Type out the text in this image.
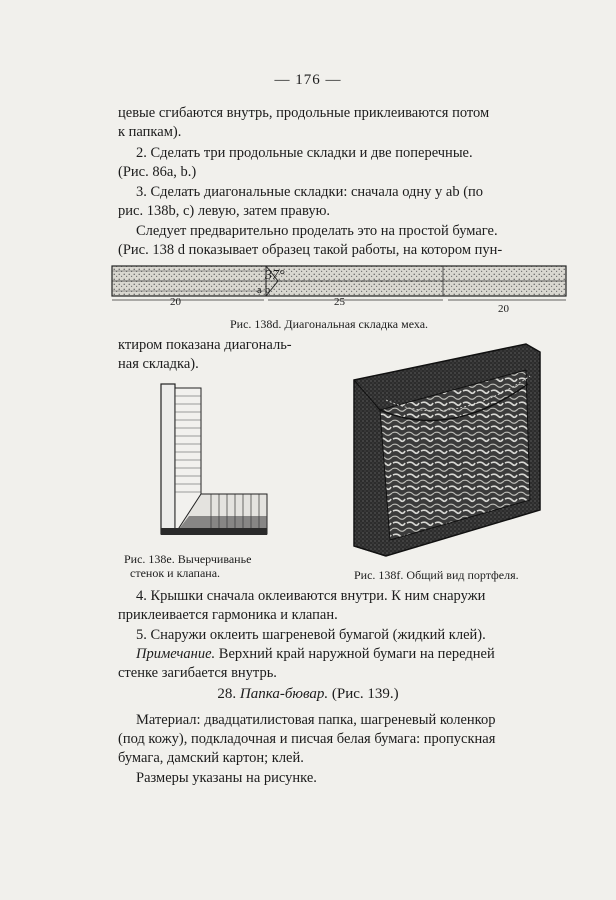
— 176 —
цевые сгибаются внутрь, продольные приклеиваются потом
к папкам).
2. Сделать три продольные складки и две поперечные.
(Рис. 86а, b.)
3. Сделать диагональные складки: сначала одну у аb (по
рис. 138b, с) левую, затем правую.
Следует предварительно проделать это на простой бумаге.
(Рис. 138 d показывает образец такой работы, на котором пун-
37°
а b
20	25
20
Рис. 138d. Диагональная складка меха.
ктиром показана диагональ-
ная складка).
Рис. 138е. Вычерчиванье
стенок и клапана.	Рис. 138f. Общий вид портфеля.
4. Крышки сначала оклеиваются внутри. К ним снаружи
приклеивается гармоника и клапан.
5. Снаружи оклеить шагреневой бумагой (жидкий клей).
Примечание. Верхний край наружной бумаги на передней
стенке загибается внутрь.
28. Папка-бювар. (Рис. 139.)
Материал: двадцатилистовая папка, шагреневый коленкор
(под кожу), подкладочная и писчая белая бумага: пропускная
бумага, дамский картон; клей.
Размеры указаны на рисунке.
